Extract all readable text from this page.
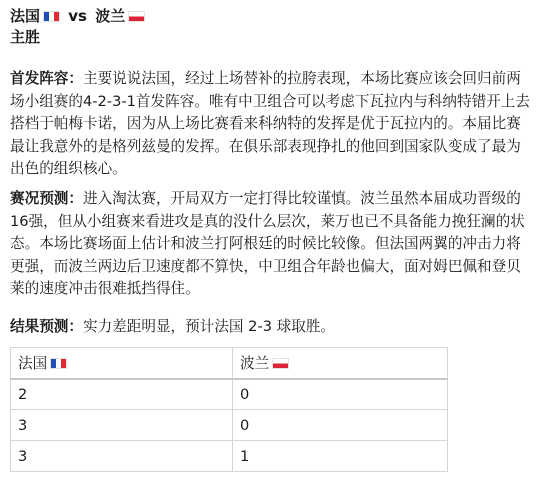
法国 vs 波兰
主胜

首发阵容：主要说说法国，经过上场替补的拉胯表现，本场比赛应该会回归前两场小组赛的4-2-3-1首发阵容。唯有中卫组合可以考虑下瓦拉内与科纳特错开上去搭档于帕梅卡诺，因为从上场比赛看来科纳特的发挥是优于瓦拉内的。本届比赛最让我意外的是格列兹曼的发挥。在俱乐部表现挣扎的他回到国家队变成了最为出色的组织核心。

赛况预测：进入淘汰赛，开局双方一定打得比较谨慎。波兰虽然本届成功晋级的16强，但从小组赛来看进攻是真的没什么层次，莱万也已不具备能力挽狂澜的状态。本场比赛场面上估计和波兰打阿根廷的时候比较像。但法国两翼的冲击力将更强，而波兰两边后卫速度都不算快，中卫组合年龄也偏大，面对姆巴佩和登贝莱的速度冲击很难抵挡得住。

结果预测：实力差距明显，预计法国 2-3 球取胜。

法国	波兰
2	0
3	0
3	1
